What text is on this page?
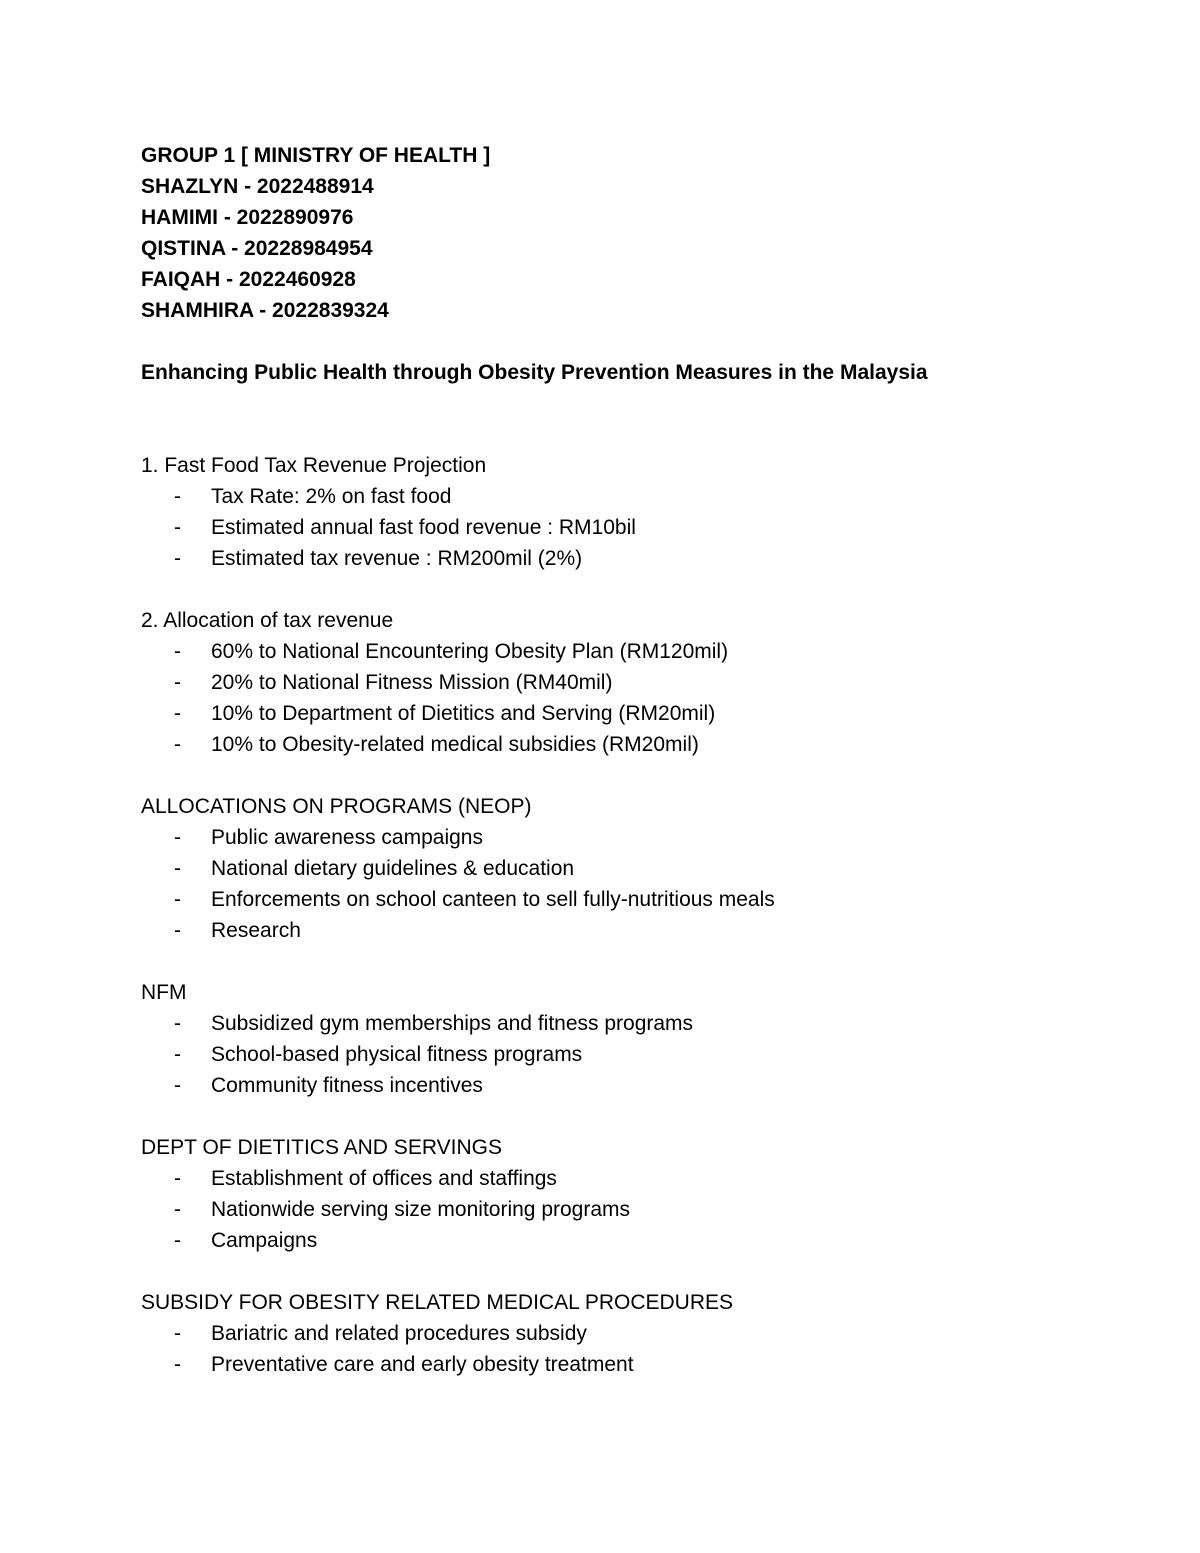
GROUP 1 [ MINISTRY OF HEALTH ]
SHAZLYN - 2022488914
HAMIMI - 2022890976
QISTINA - 20228984954
FAIQAH - 2022460928
SHAMHIRA - 2022839324
Enhancing Public Health through Obesity Prevention Measures in the Malaysia
1. Fast Food Tax Revenue Projection
- Tax Rate: 2% on fast food
- Estimated annual fast food revenue : RM10bil
- Estimated tax revenue : RM200mil (2%)
2. Allocation of tax revenue
- 60% to National Encountering Obesity Plan (RM120mil)
- 20% to National Fitness Mission (RM40mil)
- 10% to Department of Dietitics and Serving (RM20mil)
- 10% to Obesity-related medical subsidies (RM20mil)
ALLOCATIONS ON PROGRAMS (NEOP)
- Public awareness campaigns
- National dietary guidelines & education
- Enforcements on school canteen to sell fully-nutritious meals
- Research
NFM
- Subsidized gym memberships and fitness programs
- School-based physical fitness programs
- Community fitness incentives
DEPT OF DIETITICS AND SERVINGS
- Establishment of offices and staffings
- Nationwide serving size monitoring programs
- Campaigns
SUBSIDY FOR OBESITY RELATED MEDICAL PROCEDURES
- Bariatric and related procedures subsidy
- Preventative care and early obesity treatment
